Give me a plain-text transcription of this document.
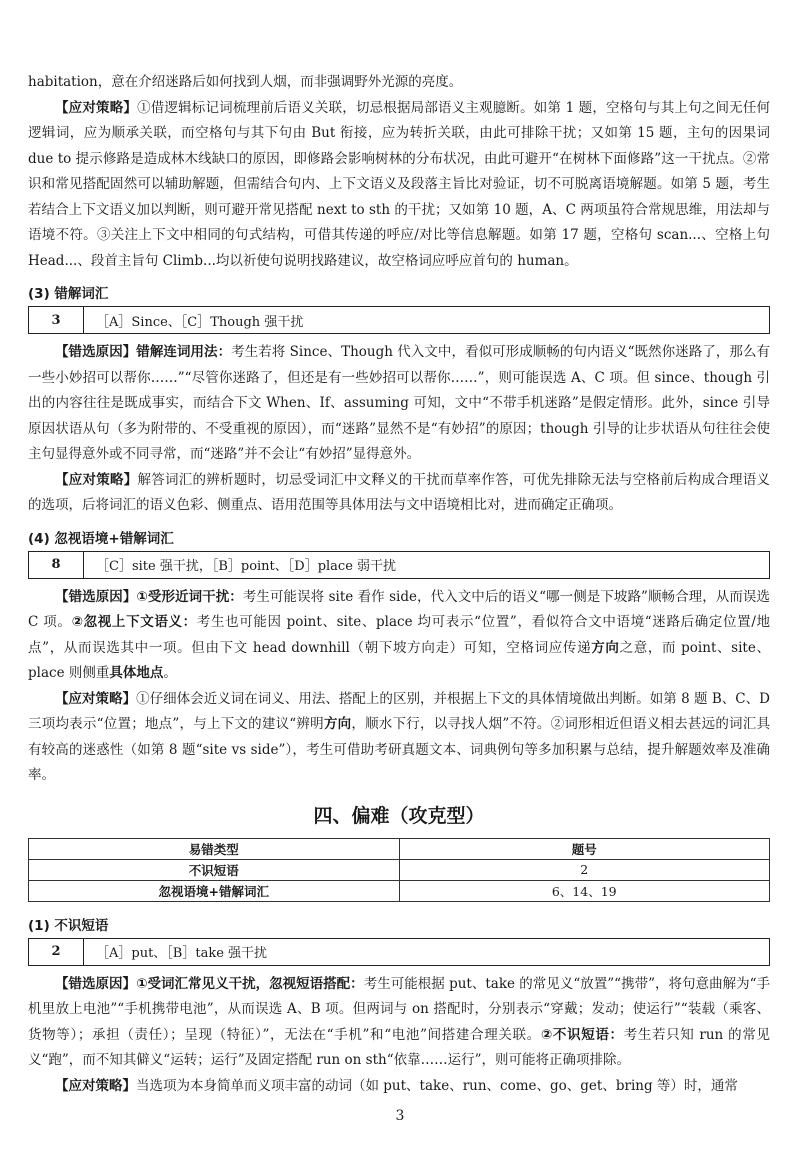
habitation，意在介绍迷路后如何找到人烟，而非强调野外光源的亮度。

【应对策略】①借逻辑标记词梳理前后语义关联，切忌根据局部语义主观臆断。如第 1 题，空格句与其上句之间无任何逻辑词，应为顺承关联，而空格句与其下句由 But 衔接，应为转折关联，由此可排除干扰；又如第 15 题，主句的因果词 due to 提示修路是造成林木线缺口的原因，即修路会影响树林的分布状况，由此可避开“在树林下面修路”这一干扰点。②常识和常见搭配固然可以辅助解题，但需结合句内、上下文语义及段落主旨比对验证，切不可脱离语境解题。如第 5 题，考生若结合上下文语义加以判断，则可避开常见搭配 next to sth 的干扰；又如第 10 题，A、C 两项虽符合常规思维，用法却与语境不符。③关注上下文中相同的句式结构，可借其传递的呼应/对比等信息解题。如第 17 题，空格句 scan...、空格上句 Head...、段首主旨句 Climb...均以祈使句说明找路建议，故空格词应呼应首句的 human。

(3) 错解词汇
3	［A］Since、［C］Though 强干扰

【错选原因】错解连词用法：考生若将 Since、Though 代入文中，看似可形成顺畅的句内语义“既然你迷路了，那么有一些小妙招可以帮你……”“尽管你迷路了，但还是有一些妙招可以帮你……”，则可能误选 A、C 项。但 since、though 引出的内容往往是既成事实，而结合下文 When、If、assuming 可知，文中“不带手机迷路”是假定情形。此外，since 引导原因状语从句（多为附带的、不受重视的原因），而“迷路”显然不是“有妙招”的原因；though 引导的让步状语从句往往会使主句显得意外或不同寻常，而“迷路”并不会让“有妙招”显得意外。

【应对策略】解答词汇的辨析题时，切忌受词汇中文释义的干扰而草率作答，可优先排除无法与空格前后构成合理语义的选项，后将词汇的语义色彩、侧重点、语用范围等具体用法与文中语境相比对，进而确定正确项。

(4) 忽视语境+错解词汇
8	［C］site 强干扰，［B］point、［D］place 弱干扰

【错选原因】①受形近词干扰：考生可能误将 site 看作 side，代入文中后的语义“哪一侧是下坡路”顺畅合理，从而误选 C 项。②忽视上下文语义：考生也可能因 point、site、place 均可表示“位置”，看似符合文中语境“迷路后确定位置/地点”，从而误选其中一项。但由下文 head downhill（朝下坡方向走）可知，空格词应传递方向之意，而 point、site、place 则侧重具体地点。

【应对策略】①仔细体会近义词在词义、用法、搭配上的区别，并根据上下文的具体情境做出判断。如第 8 题 B、C、D 三项均表示“位置；地点”，与上下文的建议“辨明方向，顺水下行，以寻找人烟”不符。②词形相近但语义相去甚远的词汇具有较高的迷惑性（如第 8 题“site vs side”），考生可借助考研真题文本、词典例句等多加积累与总结，提升解题效率及准确率。

四、偏难（攻克型）
易错类型	题号
不识短语	2
忽视语境+错解词汇	6、14、19
(1) 不识短语
2	［A］put、［B］take 强干扰

【错选原因】①受词汇常见义干扰，忽视短语搭配：考生可能根据 put、take 的常见义“放置”“携带”，将句意曲解为“手机里放上电池”“手机携带电池”，从而误选 A、B 项。但两词与 on 搭配时，分别表示“穿戴；发动；使运行”“装载（乘客、货物等）；承担（责任）；呈现（特征）”，无法在“手机”和“电池”间搭建合理关联。②不识短语：考生若只知 run 的常见义“跑”，而不知其僻义“运转；运行”及固定搭配 run on sth“依靠……运行”，则可能将正确项排除。

【应对策略】当选项为本身简单而义项丰富的动词（如 put、take、run、come、go、get、bring 等）时，通常

3
